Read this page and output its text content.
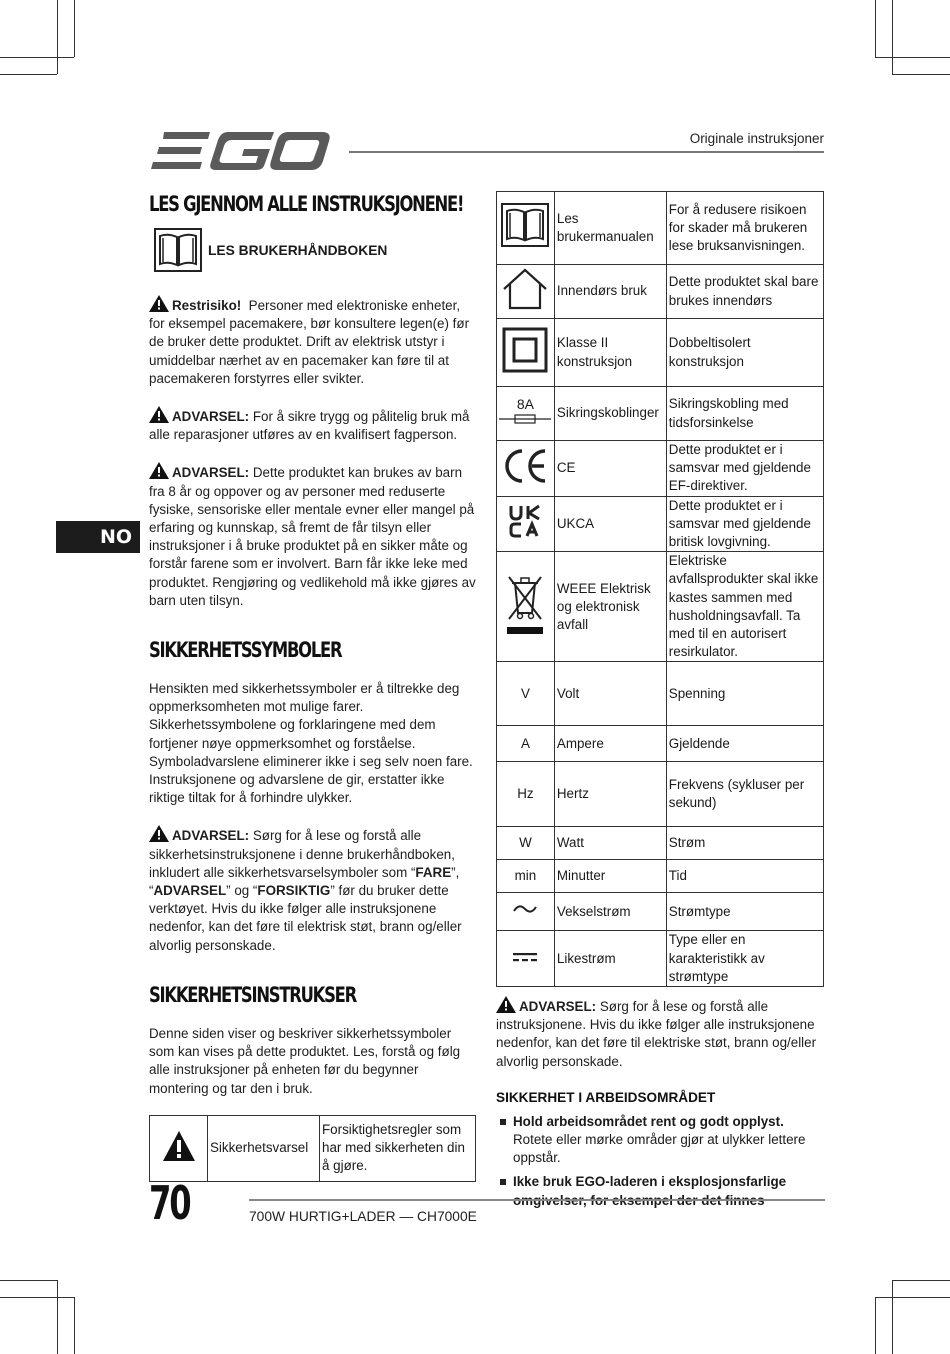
Originale instruksjoner
NO
LES GJENNOM ALLE INSTRUKSJONENE!
LES BRUKERHÅNDBOKEN

Restrisiko! Personer med elektroniske enheter, for eksempel pacemakere, bør konsultere legen(e) før de bruker dette produktet. Drift av elektrisk utstyr i umiddelbar nærhet av en pacemaker kan føre til at pacemakeren forstyrres eller svikter.

ADVARSEL: For å sikre trygg og pålitelig bruk må alle reparasjoner utføres av en kvalifisert fagperson.

ADVARSEL: Dette produktet kan brukes av barn fra 8 år og oppover og av personer med reduserte fysiske, sensoriske eller mentale evner eller mangel på erfaring og kunnskap, så fremt de får tilsyn eller instruksjoner i å bruke produktet på en sikker måte og forstår farene som er involvert. Barn får ikke leke med produktet. Rengjøring og vedlikehold må ikke gjøres av barn uten tilsyn.

SIKKERHETSSYMBOLER

Hensikten med sikkerhetssymboler er å tiltrekke deg oppmerksomheten mot mulige farer. Sikkerhetssymbolene og forklaringene med dem fortjener nøye oppmerksomhet og forståelse. Symboladvarslene eliminerer ikke i seg selv noen fare. Instruksjonene og advarslene de gir, erstatter ikke riktige tiltak for å forhindre ulykker.

ADVARSEL: Sørg for å lese og forstå alle sikkerhetsinstruksjonene i denne brukerhåndboken, inkludert alle sikkerhetsvarselsymboler som “FARE”, “ADVARSEL” og “FORSIKTIG” før du bruker dette verktøyet. Hvis du ikke følger alle instruksjonene nedenfor, kan det føre til elektrisk støt, brann og/eller alvorlig personskade.

SIKKERHETSINSTRUKSER

Denne siden viser og beskriver sikkerhetssymboler som kan vises på dette produktet. Les, forstå og følg alle instruksjoner på enheten før du begynner montering og tar den i bruk.

	Sikkerhetsvarsel	Forsiktighetsregler som har med sikkerheten din å gjøre.
	Les brukermanualen	For å redusere risikoen for skader må brukeren lese bruksanvisningen.
	Innendørs bruk	Dette produktet skal bare brukes innendørs
	Klasse II konstruksjon	Dobbeltisolert konstruksjon

8A	Sikringskoblinger	Sikringskobling med tidsforsinkelse
	CE	Dette produktet er i samsvar med gjeldende EF-direktiver.
	UKCA	Dette produktet er i samsvar med gjeldende britisk lovgivning.
	WEEE Elektrisk og elektronisk avfall	Elektriske avfallsprodukter skal ikke kastes sammen med husholdningsavfall. Ta med til en autorisert resirkulator.
V	Volt	Spenning
A	Ampere	Gjeldende
Hz	Hertz	Frekvens (sykluser per sekund)
W	Watt	Strøm
min	Minutter	Tid
	Vekselstrøm	Strømtype
	Likestrøm	Type eller en karakteristikk av strømtype

ADVARSEL: Sørg for å lese og forstå alle instruksjonene. Hvis du ikke følger alle instruksjonene nedenfor, kan det føre til elektriske støt, brann og/eller alvorlig personskade.

SIKKERHET I ARBEIDSOMRÅDET
Hold arbeidsområdet rent og godt opplyst. Rotete eller mørke områder gjør at ulykker lettere oppstår.
Ikke bruk EGO-laderen i eksplosjonsfarlige
70	700W HURTIG+LADER — CH7000E
